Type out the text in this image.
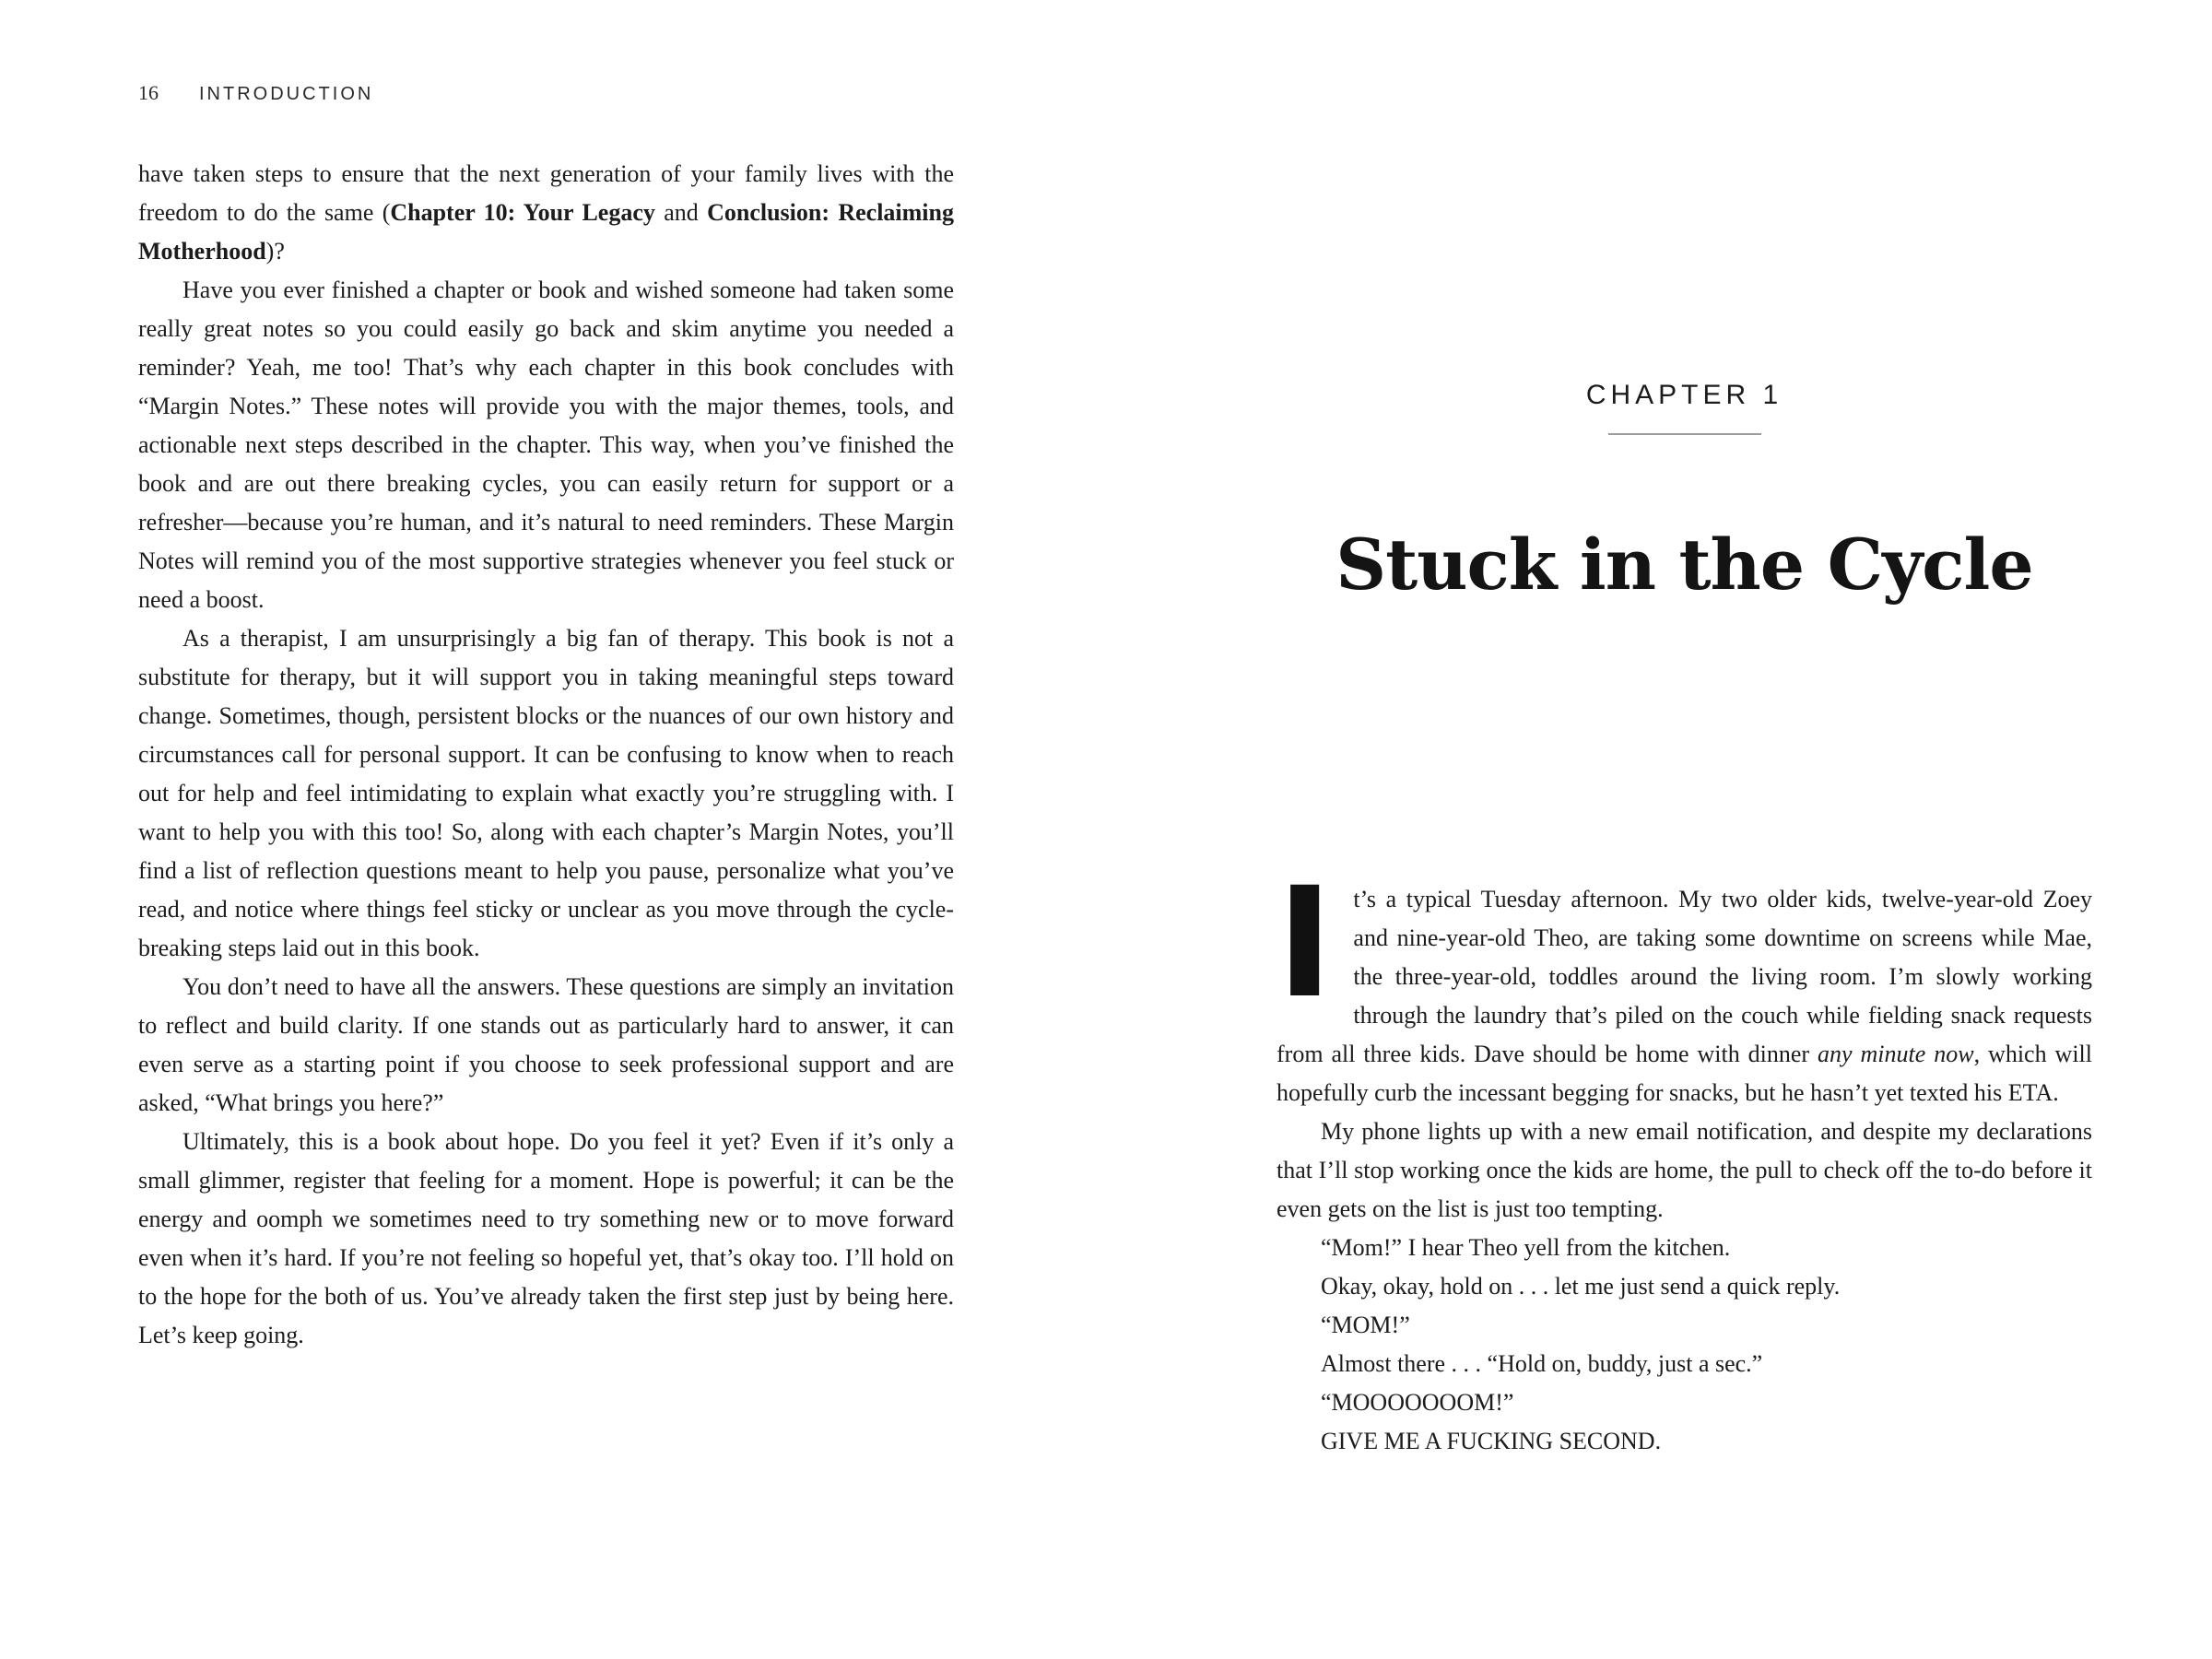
16 INTRODUCTION

have taken steps to ensure that the next generation of your family lives with the freedom to do the same (Chapter 10: Your Legacy and Conclusion: Reclaiming Motherhood)?

Have you ever finished a chapter or book and wished someone had taken some really great notes so you could easily go back and skim anytime you needed a reminder? Yeah, me too! That’s why each chapter in this book concludes with “Margin Notes.” These notes will provide you with the major themes, tools, and actionable next steps described in the chapter. This way, when you’ve finished the book and are out there breaking cycles, you can easily return for support or a refresher—because you’re human, and it’s natural to need reminders. These Margin Notes will remind you of the most supportive strategies whenever you feel stuck or need a boost.

As a therapist, I am unsurprisingly a big fan of therapy. This book is not a substitute for therapy, but it will support you in taking meaningful steps toward change. Sometimes, though, persistent blocks or the nuances of our own history and circumstances call for personal support. It can be confusing to know when to reach out for help and feel intimidating to explain what exactly you’re struggling with. I want to help you with this too! So, along with each chapter’s Margin Notes, you’ll find a list of reflection questions meant to help you pause, personalize what you’ve read, and notice where things feel sticky or unclear as you move through the cycle-breaking steps laid out in this book.

You don’t need to have all the answers. These questions are simply an invitation to reflect and build clarity. If one stands out as particularly hard to answer, it can even serve as a starting point if you choose to seek professional support and are asked, “What brings you here?”

Ultimately, this is a book about hope. Do you feel it yet? Even if it’s only a small glimmer, register that feeling for a moment. Hope is powerful; it can be the energy and oomph we sometimes need to try something new or to move forward even when it’s hard. If you’re not feeling so hopeful yet, that’s okay too. I’ll hold on to the hope for the both of us. You’ve already taken the first step just by being here. Let’s keep going.

CHAPTER 1
Stuck in the Cycle

It’s a typical Tuesday afternoon. My two older kids, twelve-year-old Zoey and nine-year-old Theo, are taking some downtime on screens while Mae, the three-year-old, toddles around the living room. I’m slowly working through the laundry that’s piled on the couch while fielding snack requests from all three kids. Dave should be home with dinner any minute now, which will hopefully curb the incessant begging for snacks, but he hasn’t yet texted his ETA.

My phone lights up with a new email notification, and despite my declarations that I’ll stop working once the kids are home, the pull to check off the to-do before it even gets on the list is just too tempting.

“Mom!” I hear Theo yell from the kitchen.

Okay, okay, hold on . . . let me just send a quick reply.

“MOM!”

Almost there . . . “Hold on, buddy, just a sec.”

“MOOOOOOOM!”

GIVE ME A FUCKING SECOND.
